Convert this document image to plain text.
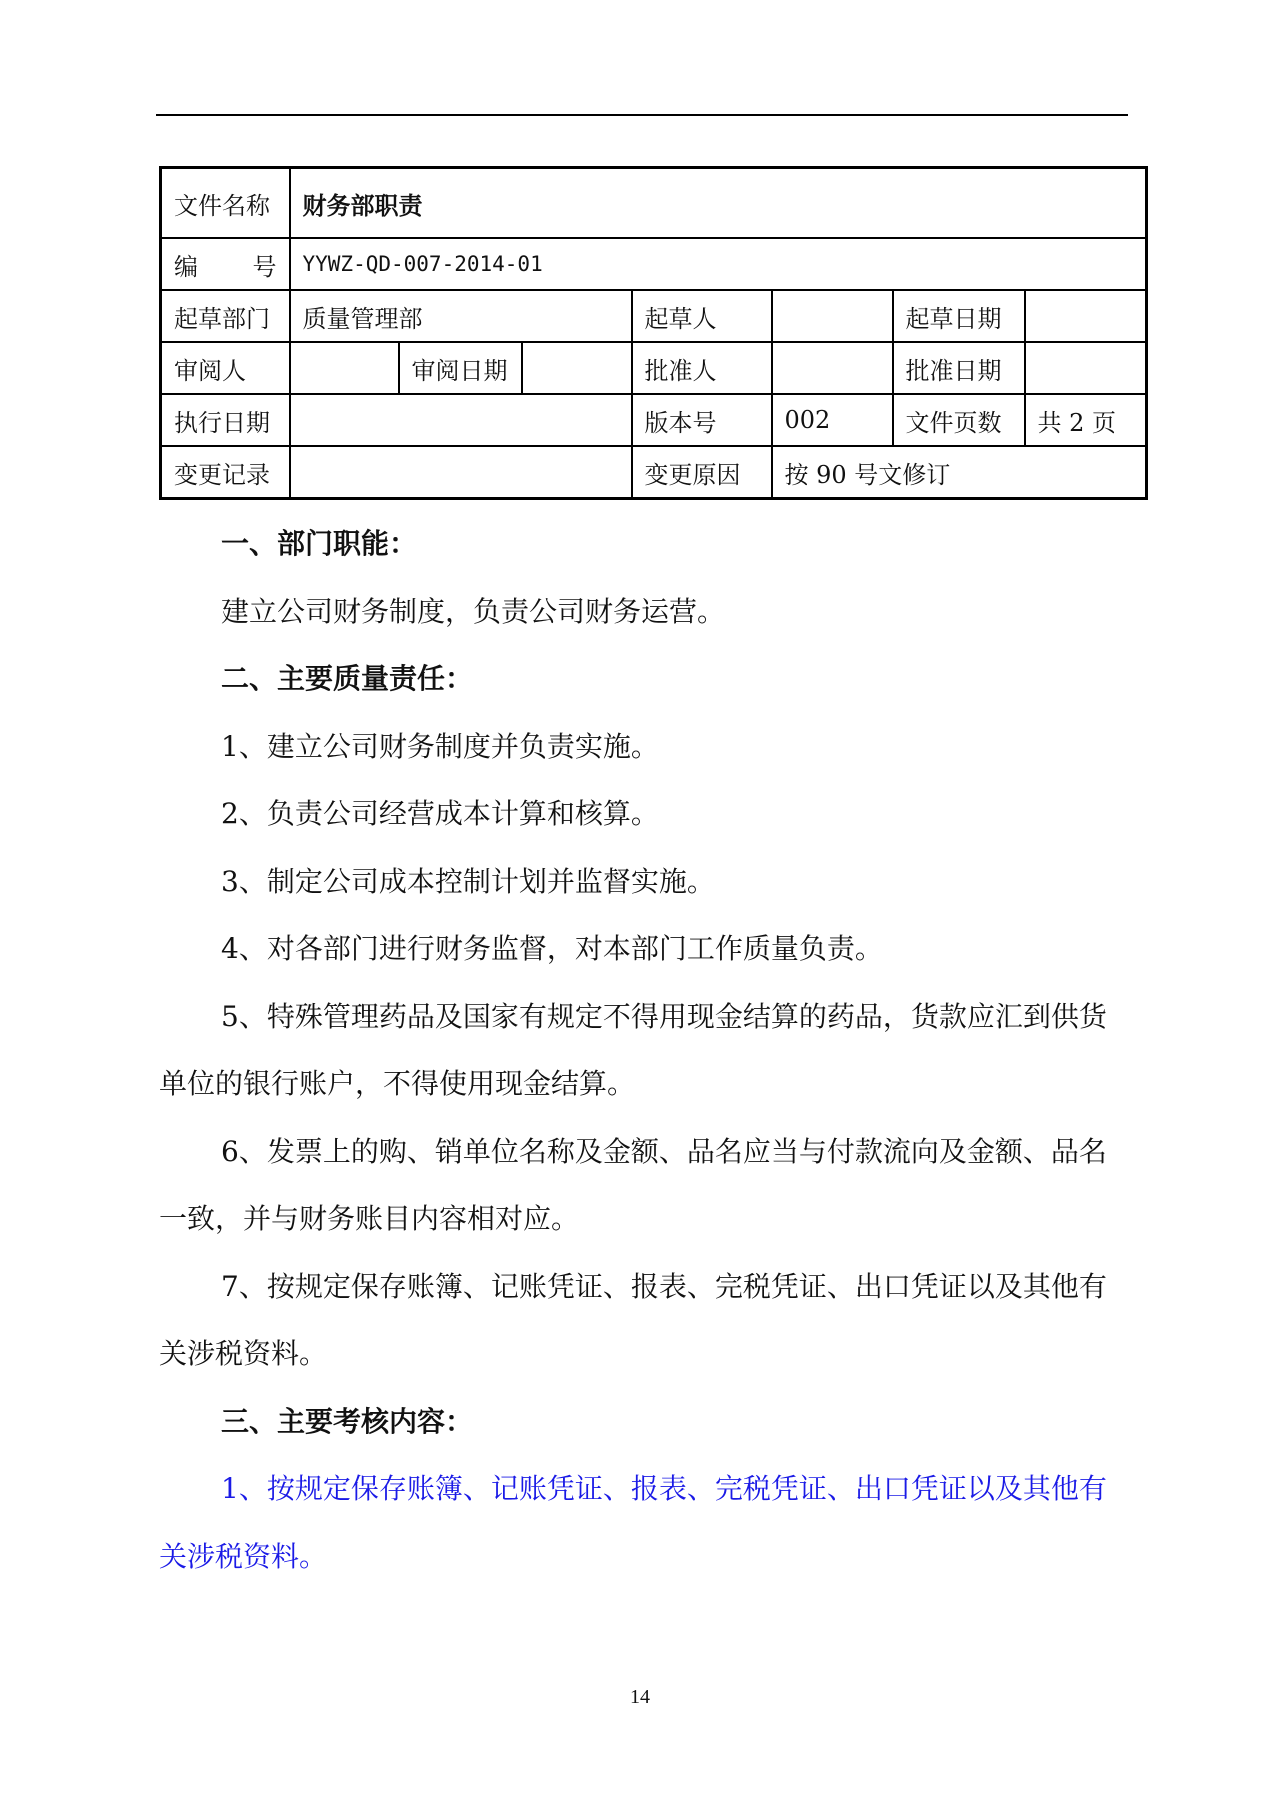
文件名称	财务部职责						

编 号	YYWZ-QD-007-2014-01						
起草部门	质量管理部			起草人		起草日期	
审阅人		审阅日期		批准人		批准日期	
执行日期				版本号	002	文件页数	共 2 页
变更记录				变更原因	按 90 号文修订		

一、部门职能：

建立公司财务制度，负责公司财务运营。

二、主要质量责任：

1、建立公司财务制度并负责实施。

2、负责公司经营成本计算和核算。

3、制定公司成本控制计划并监督实施。

4、对各部门进行财务监督，对本部门工作质量负责。

5、特殊管理药品及国家有规定不得用现金结算的药品，货款应汇到供货单位的银行账户，不得使用现金结算。

6、发票上的购、销单位名称及金额、品名应当与付款流向及金额、品名一致，并与财务账目内容相对应。

7、按规定保存账簿、记账凭证、报表、完税凭证、出口凭证以及其他有关涉税资料。

三、主要考核内容：

1、按规定保存账簿、记账凭证、报表、完税凭证、出口凭证以及其他有关涉税资料。

14
